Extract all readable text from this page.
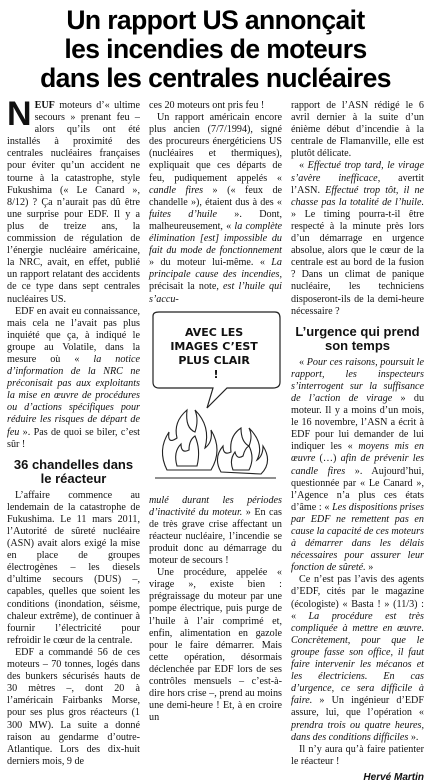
Un rapport US annonçait
les incendies de moteurs
dans les centrales nucléaires

NEUF moteurs d’« ultime secours » prenant feu – alors qu’ils ont été installés à proximité des centrales nucléaires françaises pour éviter qu’un accident ne tourne à la catastrophe, style Fukushima (« Le Canard », 8/12) ? Ça n’aurait pas dû être une surprise pour EDF. Il y a plus de treize ans, la commission de régulation de l’énergie nucléaire américaine, la NRC, avait, en effet, publié un rapport relatant des accidents de ce type dans sept centrales nucléaires US.

EDF en avait eu connaissance, mais cela ne l’avait pas plus inquiété que ça, à indiqué le groupe au Volatile, dans la mesure où « la notice d’information de la NRC ne préconisait pas aux exploitants la mise en œuvre de procédures ou d’actions spécifiques pour réduire les risques de départ de feu ». Pas de quoi se biler, c’est sûr !

36 chandelles dans le réacteur

L’affaire commence au lendemain de la catastrophe de Fukushima. Le 11 mars 2011, l’Autorité de sûreté nucléaire (ASN) avait alors exigé la mise en place de groupes électrogènes – les diesels d’ultime secours (DUS) –, capables, quelles que soient les conditions (inondation, séisme, chaleur extrême), de continuer à fournir l’électricité pour refroidir le cœur de la centrale.

EDF a commandé 56 de ces moteurs – 70 tonnes, logés dans des bunkers sécurisés hauts de 30 mètres –, dont 20 à l’américain Fairbanks Morse, pour ses plus gros réacteurs (1 300 MW). La suite a donné raison au gendarme d’outre-Atlantique. Lors des dix-huit derniers mois, 9 de

ces 20 moteurs ont pris feu !

Un rapport américain encore plus ancien (7/7/1994), signé des procureurs énergéticiens US (nucléaires et thermiques), expliquait que ces départs de feu, pudiquement appelés « candle fires » (« feux de chandelle »), étaient dus à des « fuites d’huile ». Dont, malheureusement, « la complète élimination [est] impossible du fait du mode de fonctionnement » du moteur lui-même. « La principale cause des incendies, précisait la note, est l’huile qui s’accu-

AVEC LES IMAGES C’EST PLUS CLAIR !

mulé durant les périodes d’inactivité du moteur. » En cas de très grave crise affectant un réacteur nucléaire, l’incendie se produit donc au démarrage du moteur de secours !

Une procédure, appelée « virage », existe bien : prégraissage du moteur par une pompe électrique, puis purge de l’huile à l’air comprimé et, enfin, alimentation en gazole pour le faire démarrer. Mais cette opération, désormais déclenchée par EDF lors de ses contrôles mensuels – c’est-à-dire hors crise –, prend au moins une demi-heure ! Et, à en croire un

rapport de l’ASN rédigé le 6 avril dernier à la suite d’un énième début d’incendie à la centrale de Flamanville, elle est plutôt délicate.

« Effectué trop tard, le virage s’avère inefficace, avertit l’ASN. Effectué trop tôt, il ne chasse pas la totalité de l’huile. » Le timing pourra-t-il être respecté à la minute près lors d’un démarrage en urgence absolue, alors que le cœur de la centrale est au bord de la fusion ? Dans un climat de panique nucléaire, les techniciens disposeront-ils de la demi-heure nécessaire ?

L’urgence qui prend son temps

« Pour ces raisons, poursuit le rapport, les inspecteurs s’interrogent sur la suffisance de l’action de virage » du moteur. Il y a moins d’un mois, le 16 novembre, l’ASN a écrit à EDF pour lui demander de lui indiquer les « moyens mis en œuvre (…) afin de prévenir les candle fires ». Aujourd’hui, questionnée par « Le Canard », l’Agence n’a plus ces états d’âme : « Les dispositions prises par EDF ne remettent pas en cause la capacité de ces moteurs à démarrer dans les délais nécessaires pour assurer leur fonction de sûreté. »

Ce n’est pas l’avis des agents d’EDF, cités par le magazine (écologiste) « Basta ! » (11/3) : « La procédure est très compliquée à mettre en œuvre. Concrètement, pour que le groupe fasse son office, il faut faire intervenir les mécanos et les électriciens. En cas d’urgence, ce sera difficile à faire. » Un ingénieur d’EDF assure, lui, que l’opération « prendra trois ou quatre heures, dans des conditions difficiles ».

Il n’y aura qu’à faire patienter le réacteur !

Hervé Martin
